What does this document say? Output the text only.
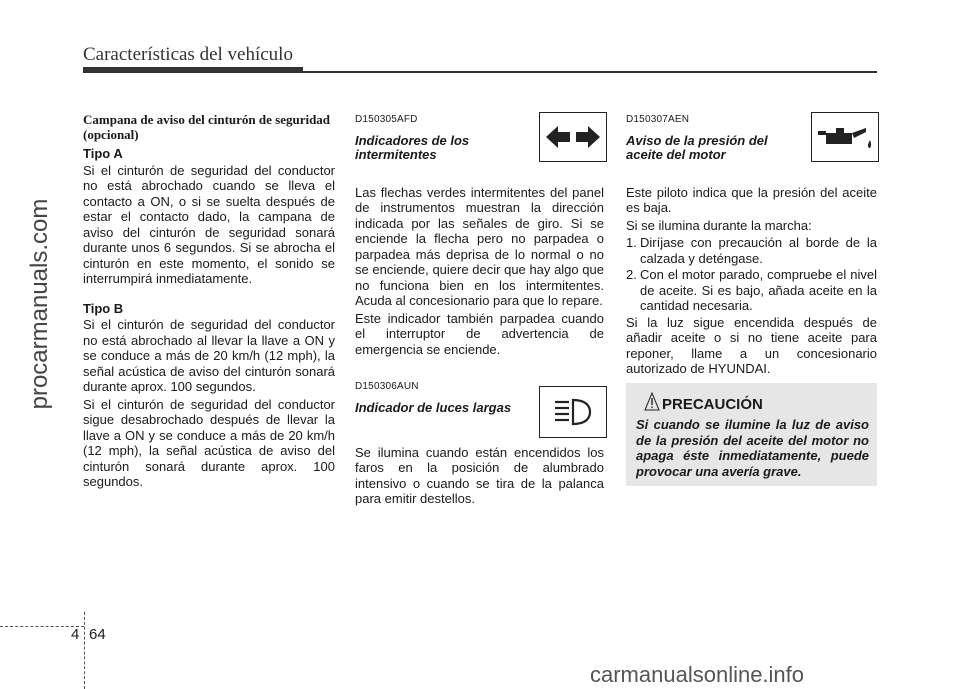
Características del vehículo
procarmanuals.com

Campana de aviso del cinturón de seguridad (opcional)

Tipo A

Si el cinturón de seguridad del conductor no está abrochado cuando se lleva el contacto a ON, o si se suelta después de estar el contacto dado, la campana de aviso del cinturón de seguridad sonará durante unos 6 segundos. Si se abrocha el cinturón en este momento, el sonido se interrumpirá inmediatamente.

Tipo B

Si el cinturón de seguridad del conductor no está abrochado al llevar la llave a ON y se conduce a más de 20 km/h (12 mph), la señal acústica de aviso del cinturón sonará durante aprox. 100 segundos.

Si el cinturón de seguridad del conductor sigue desabrochado después de llevar la llave a ON y se conduce a más de 20 km/h (12 mph), la señal acústica de aviso del cinturón sonará durante aprox. 100 segundos.

D150305AFD

Indicadores de los intermitentes

Las flechas verdes intermitentes del panel de instrumentos muestran la dirección indicada por las señales de giro. Si se enciende la flecha pero no parpadea o parpadea más deprisa de lo normal o no se enciende, quiere decir que hay algo que no funciona bien en los intermitentes. Acuda al concesionario para que lo repare.

Este indicador también parpadea cuando el interruptor de advertencia de emergencia se enciende.

D150306AUN

Indicador de luces largas

Se ilumina cuando están encendidos los faros en la posición de alumbrado intensivo o cuando se tira de la palanca para emitir destellos.

D150307AEN

Aviso de la presión del aceite del motor

Este piloto indica que la presión del aceite es baja.

Si se ilumina durante la marcha:

1. Diríjase con precaución al borde de la calzada y deténgase.
2. Con el motor parado, compruebe el nivel de aceite. Si es bajo, añada aceite en la cantidad necesaria.

Si la luz sigue encendida después de añadir aceite o si no tiene aceite para reponer, llame a un concesionario autorizado de HYUNDAI.

PRECAUCIÓN
Si cuando se ilumine la luz de aviso de la presión del aceite del motor no apaga éste inmediatamente, puede provocar una avería grave.
4 64
carmanualsonline.info
